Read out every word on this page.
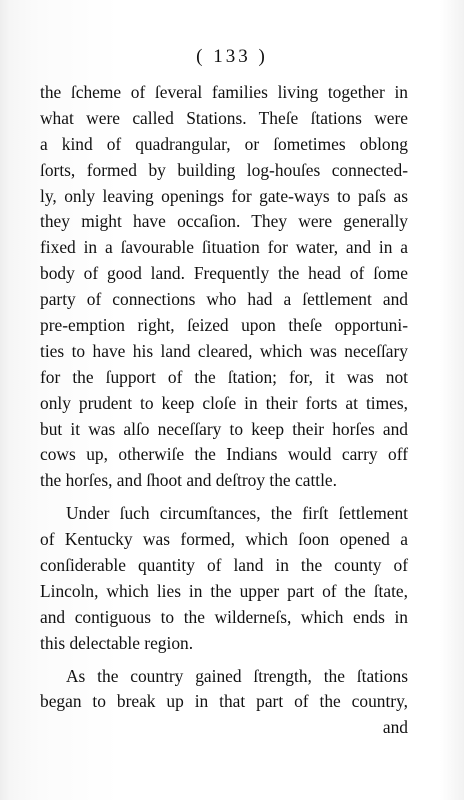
( 133 )
the ſcheme of ſeveral families living together in
what were called Stations. Theſe ſtations were
a kind of quadrangular, or ſometimes oblong
ſorts, formed by building log-houſes connected-
ly, only leaving openings for gate-ways to paſs as
they might have occaſion. They were generally
fixed in a ſavourable ſituation for water, and in a
body of good land. Frequently the head of ſome
party of connections who had a ſettlement and
pre-emption right, ſeized upon theſe opportuni-
ties to have his land cleared, which was neceſſary
for the ſupport of the ſtation; for, it was not
only prudent to keep cloſe in their forts at times,
but it was alſo neceſſary to keep their horſes and
cows up, otherwiſe the Indians would carry off
the horſes, and ſhoot and deſtroy the cattle.
Under ſuch circumſtances, the firſt ſettlement
of Kentucky was formed, which ſoon opened a
conſiderable quantity of land in the county of
Lincoln, which lies in the upper part of the ſtate,
and contiguous to the wilderneſs, which ends in
this delectable region.
As the country gained ſtrength, the ſtations
began to break up in that part of the country,
and
